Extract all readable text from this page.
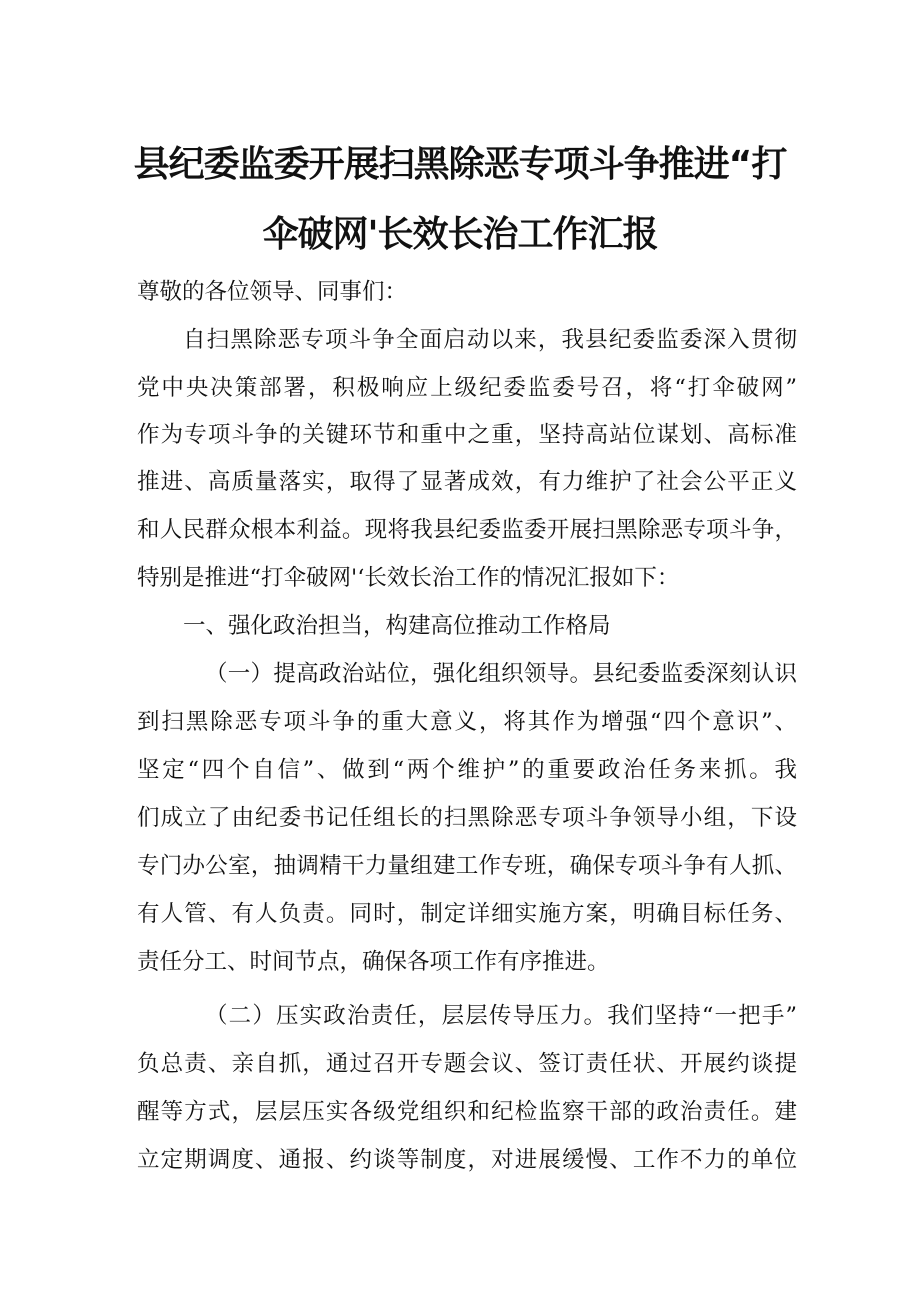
县纪委监委开展扫黑除恶专项斗争推进“打
伞破网'长效长治工作汇报
尊敬的各位领导、同事们：
自扫黑除恶专项斗争全面启动以来，我县纪委监委深入贯彻
党中央决策部署，积极响应上级纪委监委号召，将“打伞破网”
作为专项斗争的关键环节和重中之重，坚持高站位谋划、高标准
推进、高质量落实，取得了显著成效，有力维护了社会公平正义
和人民群众根本利益。现将我县纪委监委开展扫黑除恶专项斗争，
特别是推进“打伞破网'‘长效长治工作的情况汇报如下：
一、强化政治担当，构建高位推动工作格局
（一）提高政治站位，强化组织领导。县纪委监委深刻认识
到扫黑除恶专项斗争的重大意义，将其作为增强“四个意识”、
坚定“四个自信”、做到“两个维护”的重要政治任务来抓。我
们成立了由纪委书记任组长的扫黑除恶专项斗争领导小组，下设
专门办公室，抽调精干力量组建工作专班，确保专项斗争有人抓、
有人管、有人负责。同时，制定详细实施方案，明确目标任务、
责任分工、时间节点，确保各项工作有序推进。
（二）压实政治责任，层层传导压力。我们坚持“一把手”
负总责、亲自抓，通过召开专题会议、签订责任状、开展约谈提
醒等方式，层层压实各级党组织和纪检监察干部的政治责任。建
立定期调度、通报、约谈等制度，对进展缓慢、工作不力的单位
